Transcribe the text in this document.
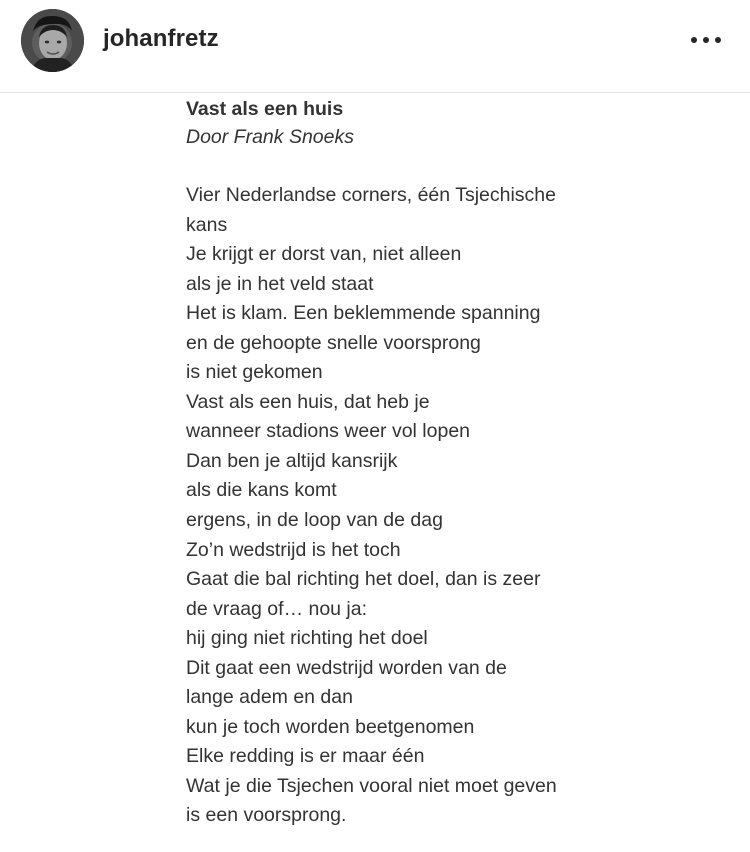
johanfretz
Vast als een huis
Door Frank Snoeks
Vier Nederlandse corners, één Tsjechische
kans
Je krijgt er dorst van, niet alleen
als je in het veld staat
Het is klam. Een beklemmende spanning
en de gehoopte snelle voorsprong
is niet gekomen
Vast als een huis, dat heb je
wanneer stadions weer vol lopen
Dan ben je altijd kansrijk
als die kans komt
ergens, in de loop van de dag
Zo’n wedstrijd is het toch
Gaat die bal richting het doel, dan is zeer
de vraag of… nou ja:
hij ging niet richting het doel
Dit gaat een wedstrijd worden van de
lange adem en dan
kun je toch worden beetgenomen
Elke redding is er maar één
Wat je die Tsjechen vooral niet moet geven
is een voorsprong.
